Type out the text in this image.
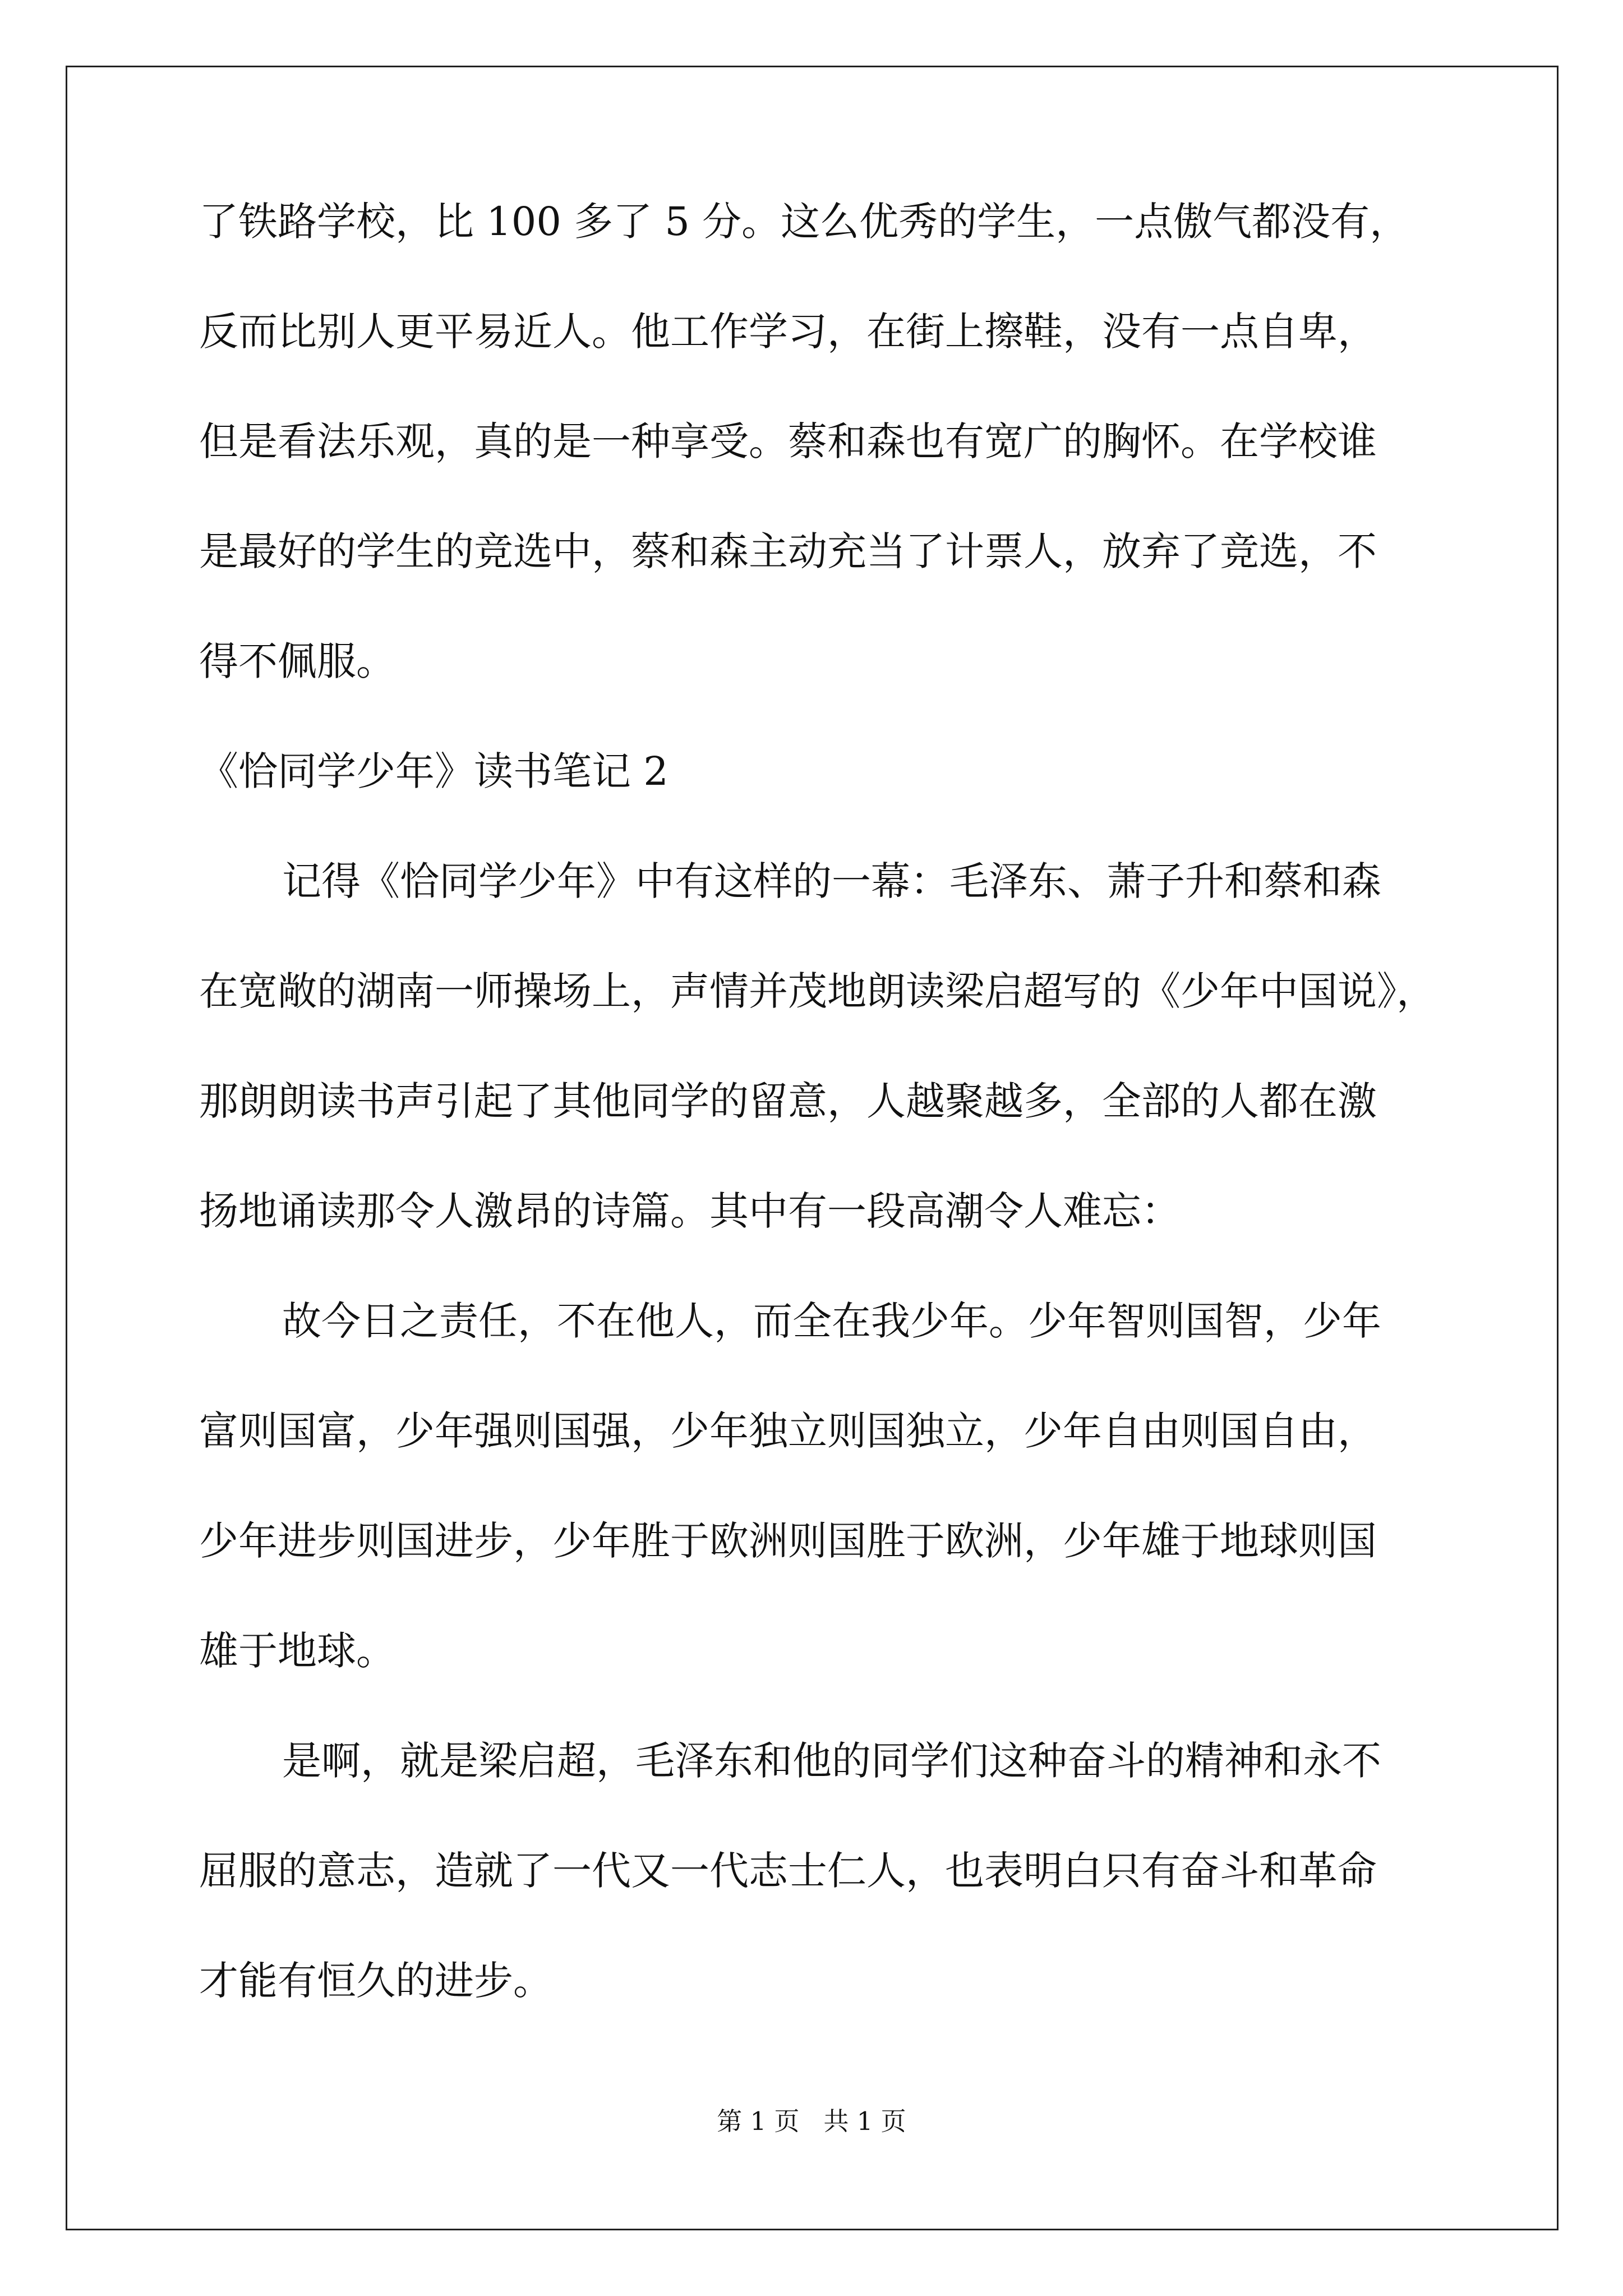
了铁路学校，比 100 多了 5 分。这么优秀的学生，一点傲气都没有，
反而比别人更平易近人。他工作学习，在街上擦鞋，没有一点自卑，
但是看法乐观，真的是一种享受。蔡和森也有宽广的胸怀。在学校谁
是最好的学生的竞选中，蔡和森主动充当了计票人，放弃了竞选，不
得不佩服。
《恰同学少年》读书笔记 2
记得《恰同学少年》中有这样的一幕：毛泽东、萧子升和蔡和森
在宽敞的湖南一师操场上，声情并茂地朗读梁启超写的《少年中国说》，
那朗朗读书声引起了其他同学的留意，人越聚越多，全部的人都在激
扬地诵读那令人激昂的诗篇。其中有一段高潮令人难忘：
故今日之责任，不在他人，而全在我少年。少年智则国智，少年
富则国富，少年强则国强，少年独立则国独立，少年自由则国自由，
少年进步则国进步，少年胜于欧洲则国胜于欧洲，少年雄于地球则国
雄于地球。
是啊，就是梁启超，毛泽东和他的同学们这种奋斗的精神和永不
屈服的意志，造就了一代又一代志士仁人，也表明白只有奋斗和革命
才能有恒久的进步。
第 1 页   共 1 页
